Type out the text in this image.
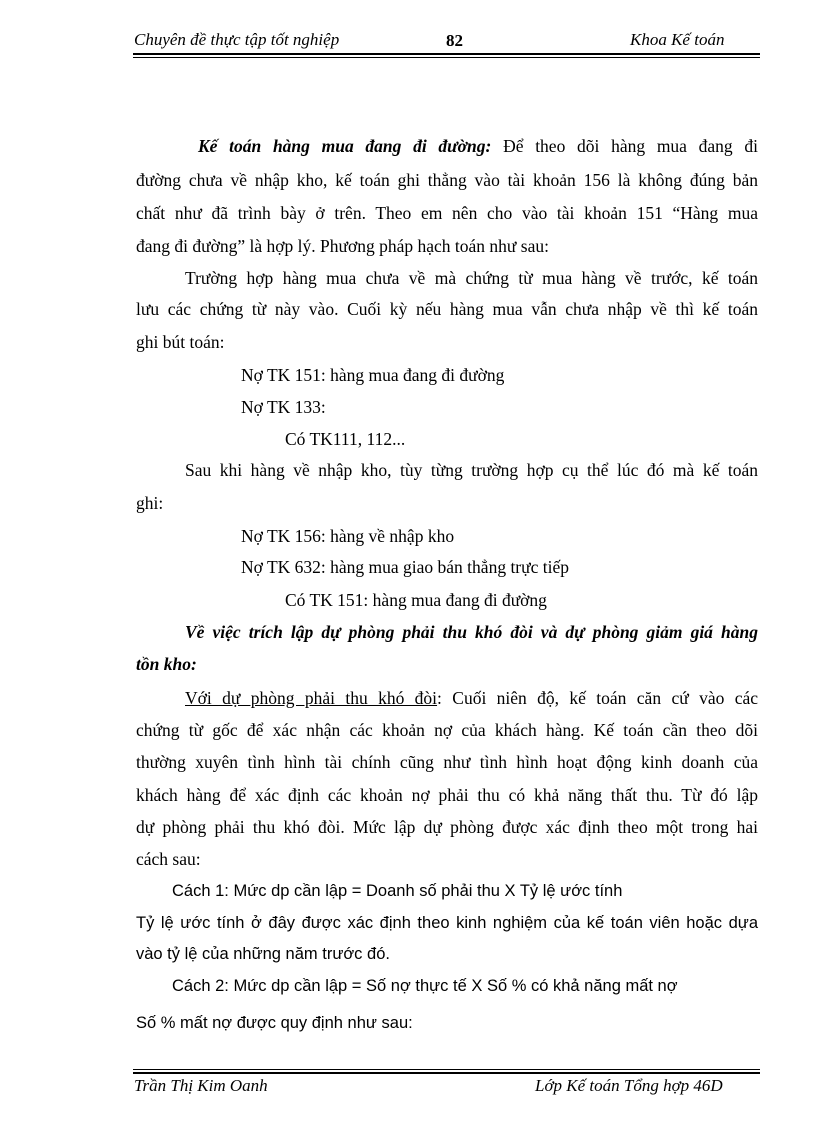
Chuyên đề thực tập tốt nghiệp	82	Khoa Kế toán
Kế toán hàng mua đang đi đường: Để theo dõi hàng mua đang đi
đường chưa về nhập kho, kế toán ghi thẳng vào tài khoản 156 là không đúng bản
chất như đã trình bày ở trên. Theo em nên cho vào tài khoản 151 “Hàng mua
đang đi đường” là hợp lý. Phương pháp hạch toán như sau:
Trường hợp hàng mua chưa về mà chứng từ mua hàng về trước, kế toán
lưu các chứng từ này vào. Cuối kỳ nếu hàng mua vẫn chưa nhập về thì kế toán
ghi bút toán:
Nợ TK 151: hàng mua đang đi đường
Nợ TK 133:
Có TK111, 112...
Sau khi hàng về nhập kho, tùy từng trường hợp cụ thể lúc đó mà kế toán
ghi:
Nợ TK 156: hàng về nhập kho
Nợ TK 632: hàng mua giao bán thẳng trực tiếp
Có TK 151: hàng mua đang đi đường
Về việc trích lập dự phòng phải thu khó đòi và dự phòng giảm giá hàng
tồn kho:
Với dự phòng phải thu khó đòi: Cuối niên độ, kế toán căn cứ vào các
chứng từ gốc để xác nhận các khoản nợ của khách hàng. Kế toán cần theo dõi
thường xuyên tình hình tài chính cũng như tình hình hoạt động kinh doanh của
khách hàng để xác định các khoản nợ phải thu có khả năng thất thu. Từ đó lập
dự phòng phải thu khó đòi. Mức lập dự phòng được xác định theo một trong hai
cách sau:
Cách 1: Mức dp cần lập = Doanh số phải thu X Tỷ lệ ước tính
Tỷ lệ ước tính ở đây được xác định theo kinh nghiệm của kế toán viên hoặc dựa
vào tỷ lệ của những năm trước đó.
Cách 2: Mức dp cần lập = Số nợ thực tế X Số % có khả năng mất nợ
Số % mất nợ được quy định như sau:
Trần Thị Kim Oanh	Lớp Kế toán Tổng hợp 46D
